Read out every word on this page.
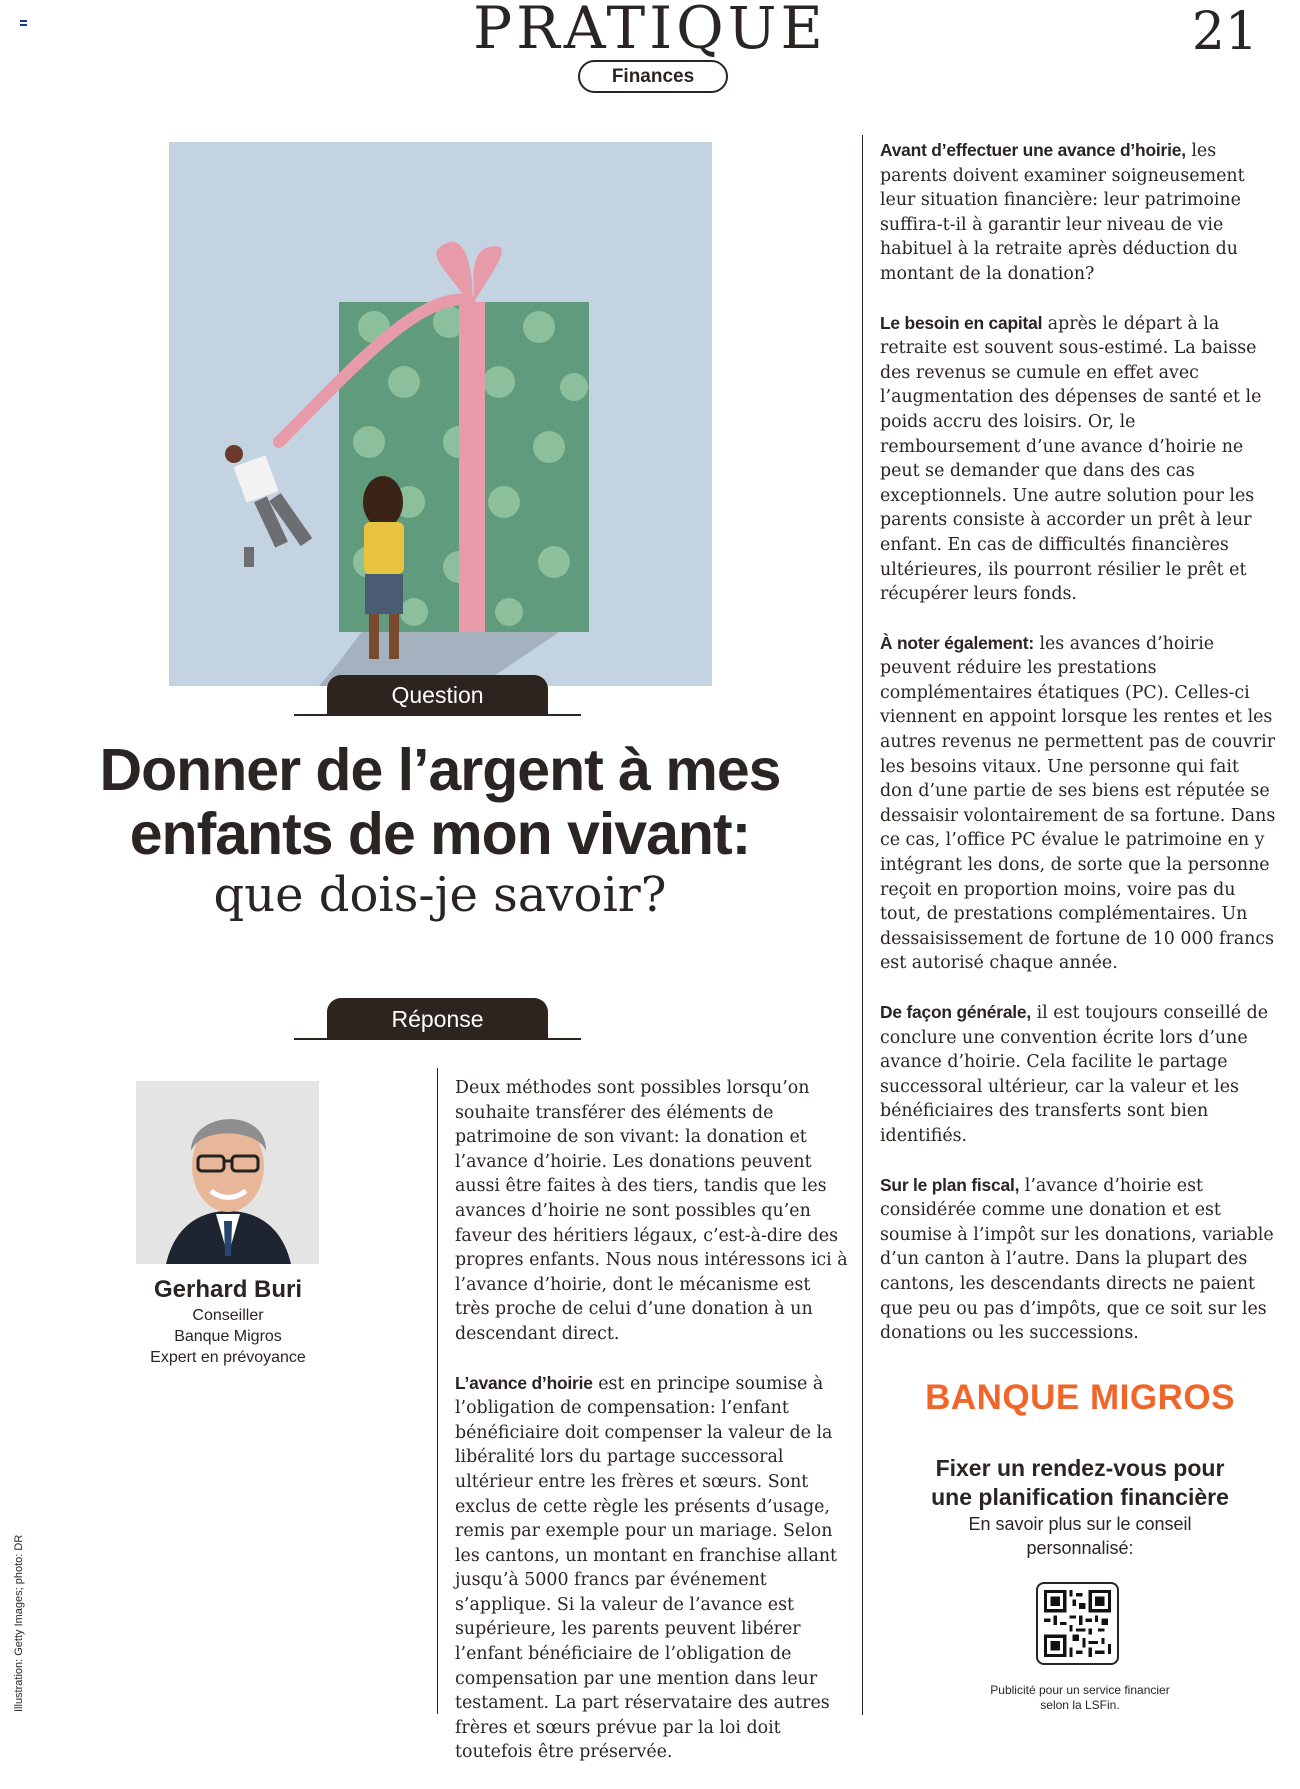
PRATIQUE	21
Finances
Question
Donner de l’argent à mes
enfants de mon vivant:
que dois-je savoir?
Réponse
Gerhard Buri
Conseiller
Banque Migros
Expert en prévoyance

Deux méthodes sont possibles lorsqu’on souhaite transférer des éléments de patrimoine de son vivant: la donation et l’avance d’hoirie. Les donations peuvent aussi être faites à des tiers, tandis que les avances d’hoirie ne sont possibles qu’en faveur des héritiers légaux, c’est-à-dire des propres enfants. Nous nous intéressons ici à l’avance d’hoirie, dont le mécanisme est très proche de celui d’une donation à un descendant direct.

L’avance d’hoirie est en principe soumise à l’obligation de compensation: l’enfant bénéficiaire doit compenser la valeur de la libéralité lors du partage successoral ultérieur entre les frères et sœurs. Sont exclus de cette règle les présents d’usage, remis par exemple pour un mariage. Selon les cantons, un montant en franchise allant jusqu’à 5000 francs par événement s’applique. Si la valeur de l’avance est supérieure, les parents peuvent libérer l’enfant bénéficiaire de l’obligation de compensation par une mention dans leur testament. La part réservataire des autres frères et sœurs prévue par la loi doit toutefois être préservée.

Avant d’effectuer une avance d’hoirie, les parents doivent examiner soigneusement leur situation financière: leur patrimoine suffira-t-il à garantir leur niveau de vie habituel à la retraite après déduction du montant de la donation?

Le besoin en capital après le départ à la retraite est souvent sous-estimé. La baisse des revenus se cumule en effet avec l’augmentation des dépenses de santé et le poids accru des loisirs. Or, le remboursement d’une avance d’hoirie ne peut se demander que dans des cas exceptionnels. Une autre solution pour les parents consiste à accorder un prêt à leur enfant. En cas de difficultés financières ultérieures, ils pourront résilier le prêt et récupérer leurs fonds.

À noter également: les avances d’hoirie peuvent réduire les prestations complémentaires étatiques (PC). Celles-ci viennent en appoint lorsque les rentes et les autres revenus ne permettent pas de couvrir les besoins vitaux. Une personne qui fait don d’une partie de ses biens est réputée se dessaisir volontairement de sa fortune. Dans ce cas, l’office PC évalue le patrimoine en y intégrant les dons, de sorte que la personne reçoit en proportion moins, voire pas du tout, de prestations complémentaires. Un dessaisissement de fortune de 10 000 francs est autorisé chaque année.

De façon générale, il est toujours conseillé de conclure une convention écrite lors d’une avance d’hoirie. Cela facilite le partage successoral ultérieur, car la valeur et les bénéficiaires des transferts sont bien identifiés.

Sur le plan fiscal, l’avance d’hoirie est considérée comme une donation et est soumise à l’impôt sur les donations, variable d’un canton à l’autre. Dans la plupart des cantons, les descendants directs ne paient que peu ou pas d’impôts, que ce soit sur les donations ou les successions.

BANQUE MIGROS
Fixer un rendez-vous pour
une planification financière
En savoir plus sur le conseil
personnalisé:
Publicité pour un service financier
selon la LSFin.
Illustration: Getty Images; photo: DR
